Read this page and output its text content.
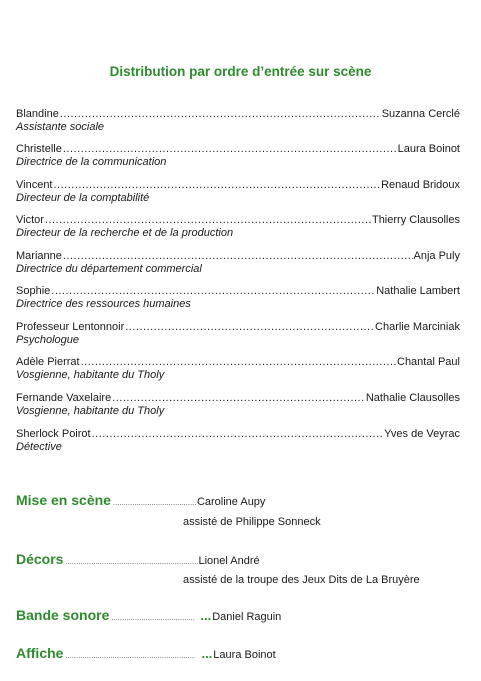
Distribution par ordre d’entrée sur scène
Blandine .....	Suzanna Cerclé
Assistante sociale
Christelle .....	Laura Boinot
Directrice de la communication
Vincent .....	Renaud Bridoux
Directeur de la comptabilité
Victor .....	Thierry Clausolles
Directeur de la recherche et de la production
Marianne .....	Anja Puly
Directrice du département commercial
Sophie .....	Nathalie Lambert
Directrice des ressources humaines
Professeur Lentonnoir .....	Charlie Marciniak
Psychologue
Adèle Pierrat .....	Chantal Paul
Vosgienne, habitante du Tholy
Fernande Vaxelaire .....	Nathalie Clausolles
Vosgienne, habitante du Tholy
Sherlock Poirot .....	Yves de Veyrac
Détective
Mise en scène .....	Caroline Aupy
assisté de Philippe Sonneck
Décors .....	Lionel André
assisté de la troupe des Jeux Dits de La Bruyère
Bande sonore .....	... Daniel Raguin
Affiche .....	... Laura Boinot
